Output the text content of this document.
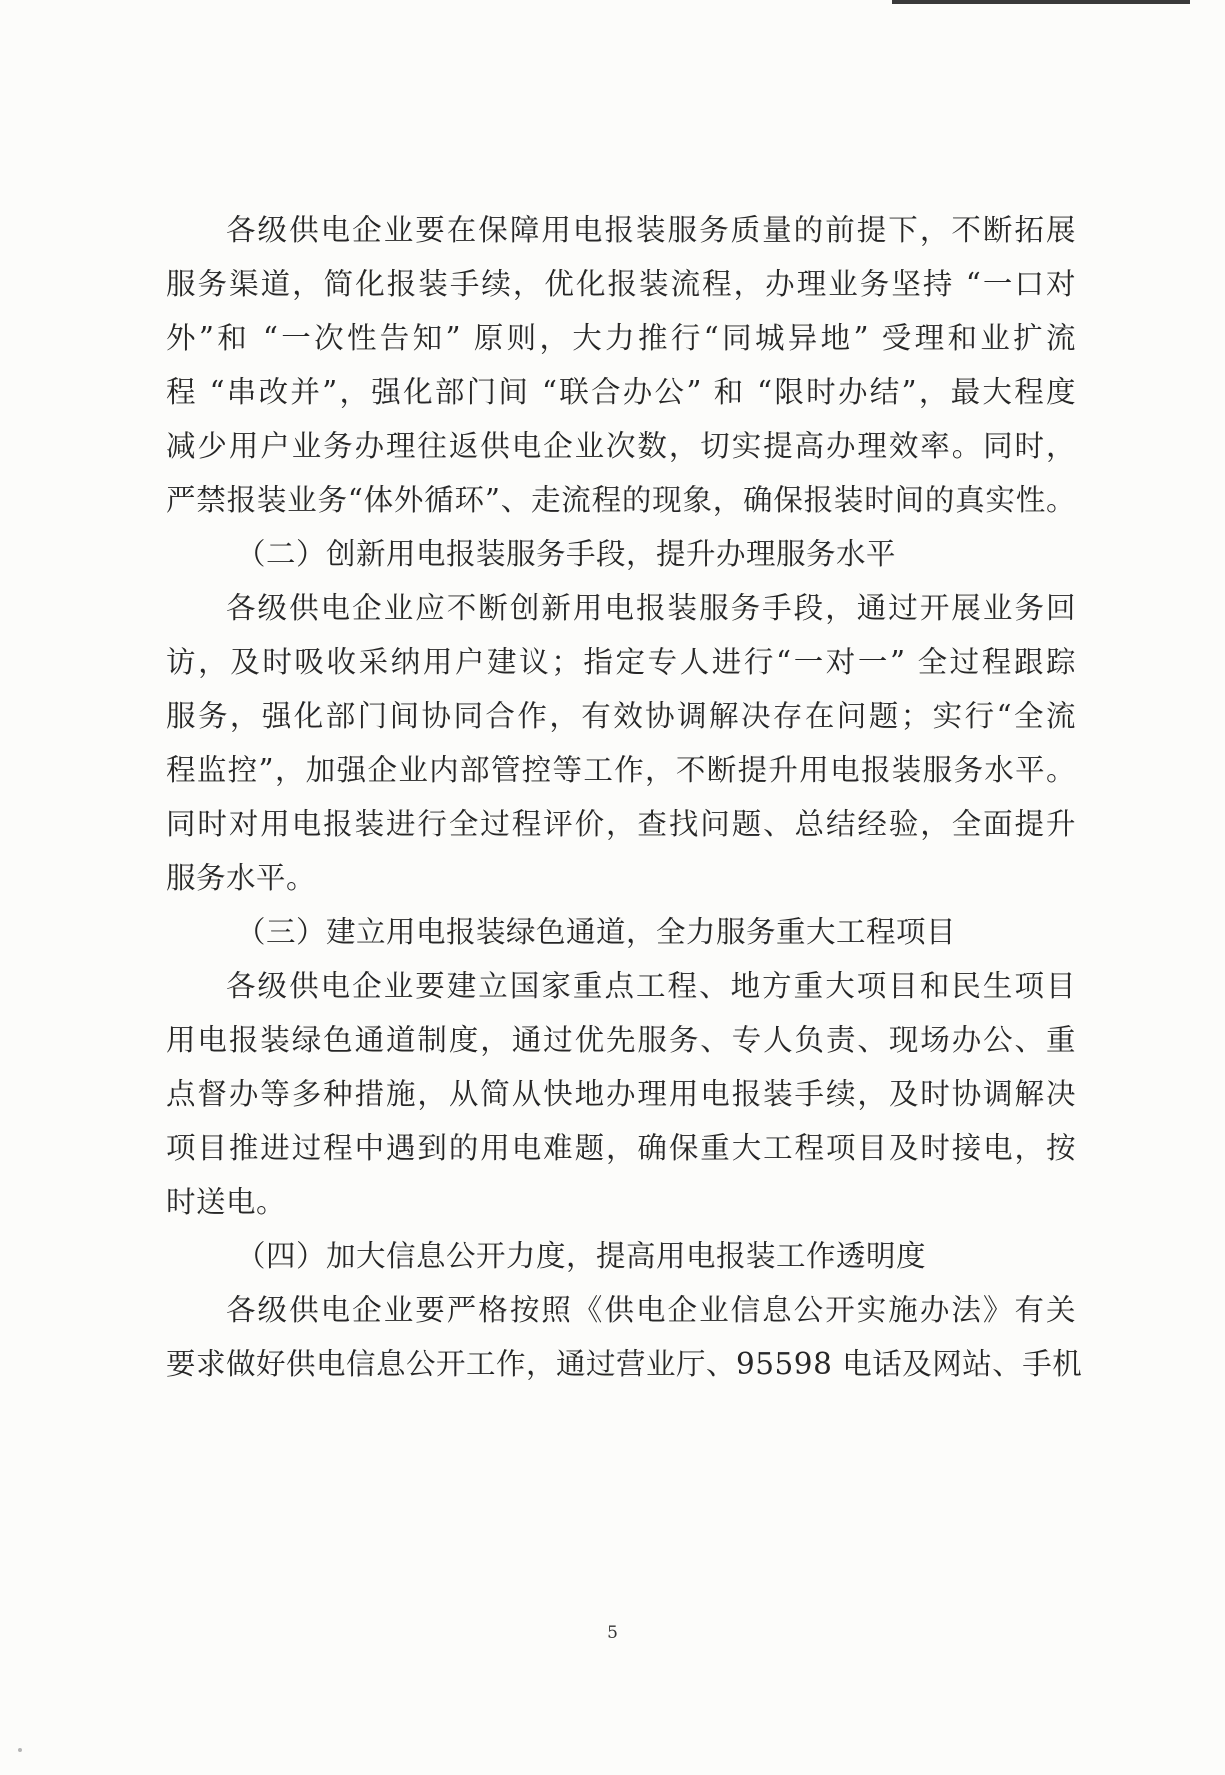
各级供电企业要在保障用电报装服务质量的前提下，不断拓展
服务渠道，简化报装手续，优化报装流程，办理业务坚持 “一口对
外”和 “一次性告知” 原则，大力推行“同城异地” 受理和业扩流
程 “串改并”，强化部门间 “联合办公” 和 “限时办结”，最大程度
减少用户业务办理往返供电企业次数，切实提高办理效率。同时，
严禁报装业务“体外循环”、走流程的现象，确保报装时间的真实性。
（二）创新用电报装服务手段，提升办理服务水平
各级供电企业应不断创新用电报装服务手段，通过开展业务回
访，及时吸收采纳用户建议；指定专人进行“一对一” 全过程跟踪
服务，强化部门间协同合作，有效协调解决存在问题；实行“全流
程监控”，加强企业内部管控等工作，不断提升用电报装服务水平。
同时对用电报装进行全过程评价，查找问题、总结经验，全面提升
服务水平。
（三）建立用电报装绿色通道，全力服务重大工程项目
各级供电企业要建立国家重点工程、地方重大项目和民生项目
用电报装绿色通道制度，通过优先服务、专人负责、现场办公、重
点督办等多种措施，从简从快地办理用电报装手续，及时协调解决
项目推进过程中遇到的用电难题，确保重大工程项目及时接电，按
时送电。
（四）加大信息公开力度，提高用电报装工作透明度
各级供电企业要严格按照《供电企业信息公开实施办法》有关
要求做好供电信息公开工作，通过营业厅、95598 电话及网站、手机
5
